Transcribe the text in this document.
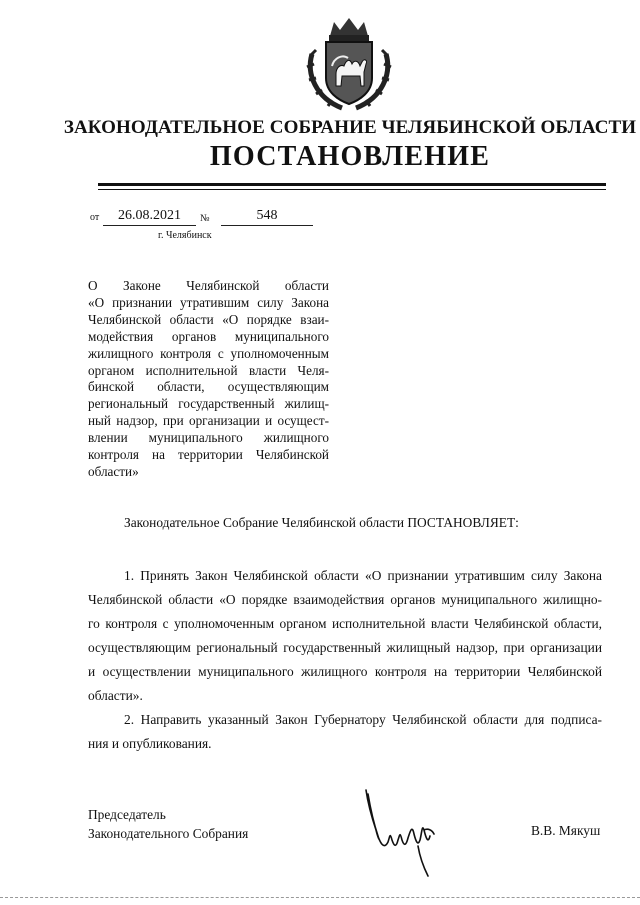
ЗАКОНОДАТЕЛЬНОЕ СОБРАНИЕ ЧЕЛЯБИНСКОЙ ОБЛАСТИ
ПОСТАНОВЛЕНИЕ
от	26.08.2021	№	548
г. Челябинск
О Законе Челябинской области
«О признании утратившим силу Закона
Челябинской области «О порядке взаи-
модействия органов муниципального
жилищного контроля с уполномоченным
органом исполнительной власти Челя-
бинской области, осуществляющим
региональный государственный жилищ-
ный надзор, при организации и осущест-
влении муниципального жилищного
контроля на территории Челябинской
области»
Законодательное Собрание Челябинской области ПОСТАНОВЛЯЕТ:
1. Принять Закон Челябинской области «О признании утратившим силу Закона
Челябинской области «О порядке взаимодействия органов муниципального жилищно-
го контроля с уполномоченным органом исполнительной власти Челябинской области,
осуществляющим региональный государственный жилищный надзор, при организации
и осуществлении муниципального жилищного контроля на территории Челябинской
области».
2. Направить указанный Закон Губернатору Челябинской области для подписа-
ния и опубликования.
Председатель
Законодательного Собрания	В.В. Мякуш
